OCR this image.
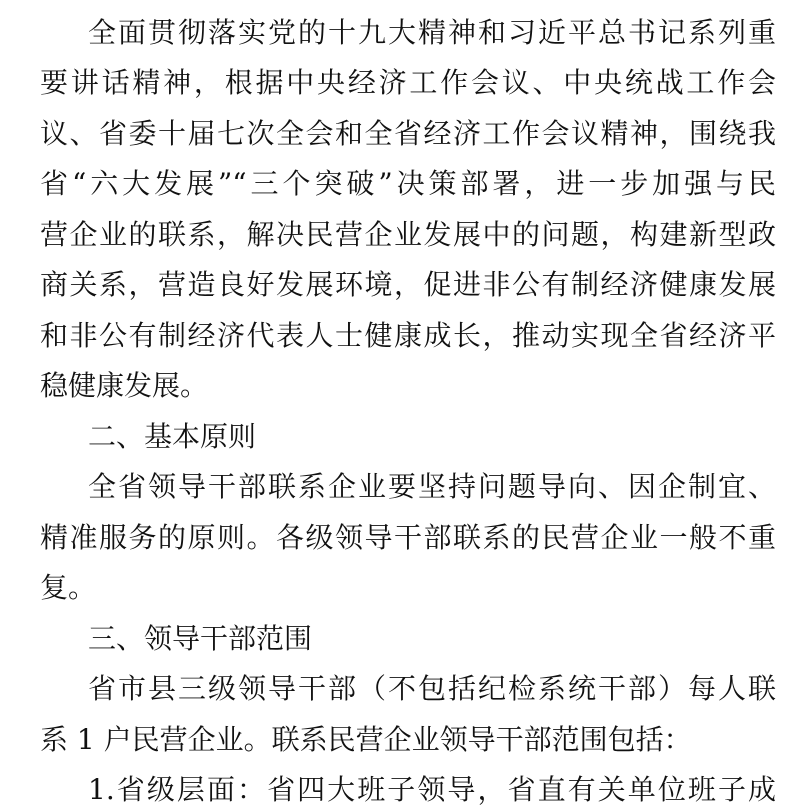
全面贯彻落实党的十九大精神和习近平总书记系列重
要讲话精神，根据中央经济工作会议、中央统战工作会
议、省委十届七次全会和全省经济工作会议精神，围绕我
省“六大发展”“三个突破”决策部署，进一步加强与民
营企业的联系，解决民营企业发展中的问题，构建新型政
商关系，营造良好发展环境，促进非公有制经济健康发展
和非公有制经济代表人士健康成长，推动实现全省经济平
稳健康发展。
二、基本原则
全省领导干部联系企业要坚持问题导向、因企制宜、
精准服务的原则。各级领导干部联系的民营企业一般不重
复。
三、领导干部范围
省市县三级领导干部（不包括纪检系统干部）每人联
系 1 户民营企业。联系民营企业领导干部范围包括：
1.省级层面：省四大班子领导，省直有关单位班子成
